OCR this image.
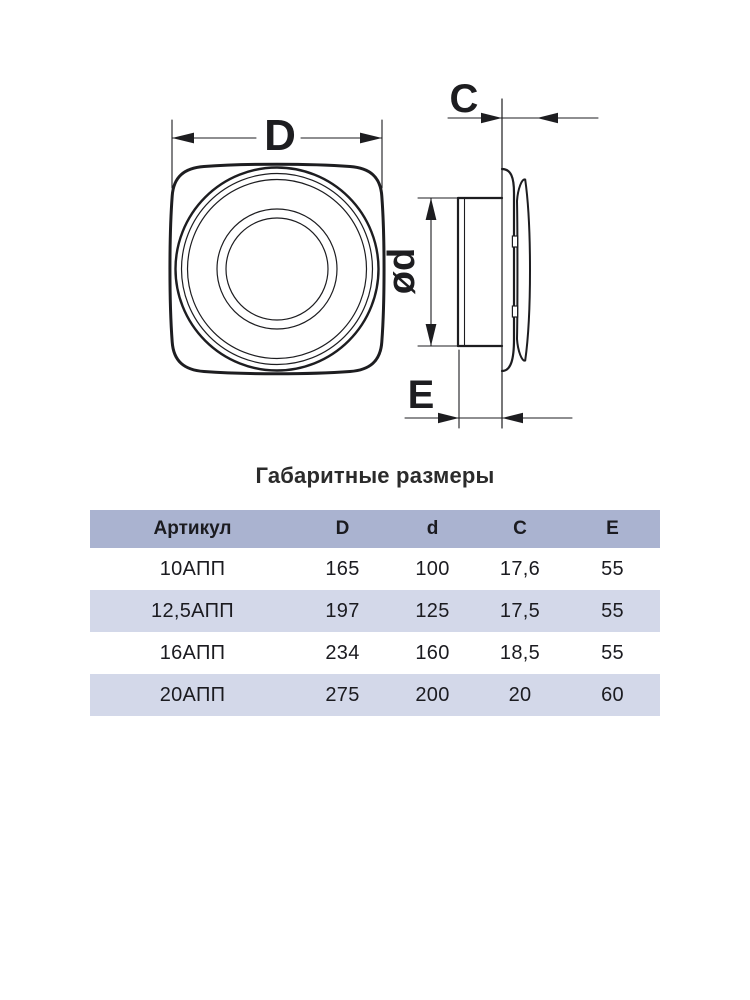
D
C
ød
E
Габаритные размеры
Артикул	D	d	C	E
10АПП	165	100	17,6	55
12,5АПП	197	125	17,5	55
16АПП	234	160	18,5	55
20АПП	275	200	20	60
